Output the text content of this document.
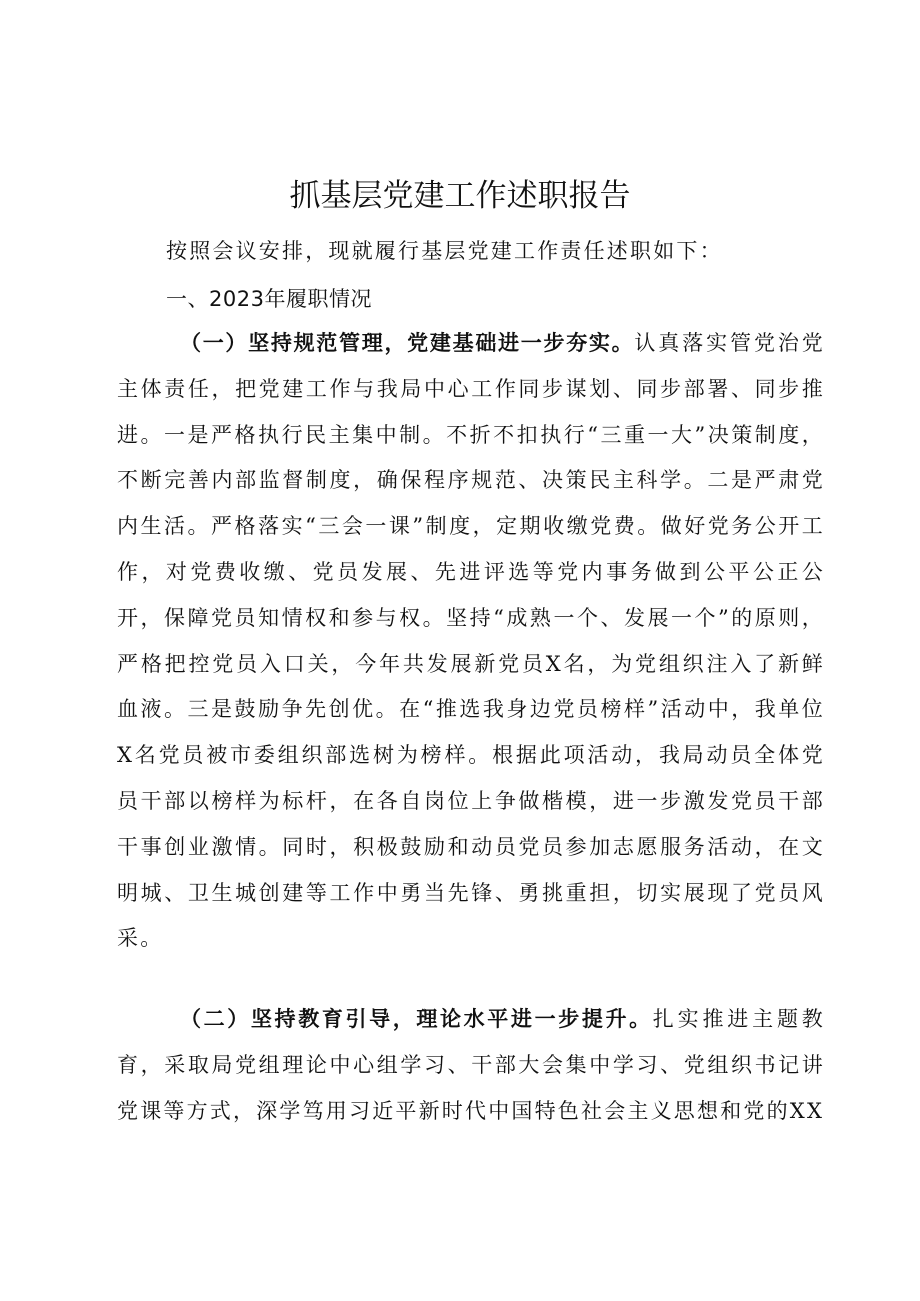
抓基层党建工作述职报告

按照会议安排，现就履行基层党建工作责任述职如下：

一、2023年履职情况

（一）坚持规范管理，党建基础进一步夯实。认真落实管党治党主体责任，把党建工作与我局中心工作同步谋划、同步部署、同步推进。一是严格执行民主集中制。不折不扣执行“三重一大”决策制度，不断完善内部监督制度，确保程序规范、决策民主科学。二是严肃党内生活。严格落实“三会一课”制度，定期收缴党费。做好党务公开工作，对党费收缴、党员发展、先进评选等党内事务做到公平公正公开，保障党员知情权和参与权。坚持“成熟一个、发展一个”的原则，严格把控党员入口关，今年共发展新党员X名，为党组织注入了新鲜血液。三是鼓励争先创优。在“推选我身边党员榜样”活动中，我单位X名党员被市委组织部选树为榜样。根据此项活动，我局动员全体党员干部以榜样为标杆，在各自岗位上争做楷模，进一步激发党员干部干事创业激情。同时，积极鼓励和动员党员参加志愿服务活动，在文明城、卫生城创建等工作中勇当先锋、勇挑重担，切实展现了党员风采。

（二）坚持教育引导，理论水平进一步提升。扎实推进主题教育，采取局党组理论中心组学习、干部大会集中学习、党组织书记讲党课等方式，深学笃用习近平新时代中国特色社会主义思想和党的XX
